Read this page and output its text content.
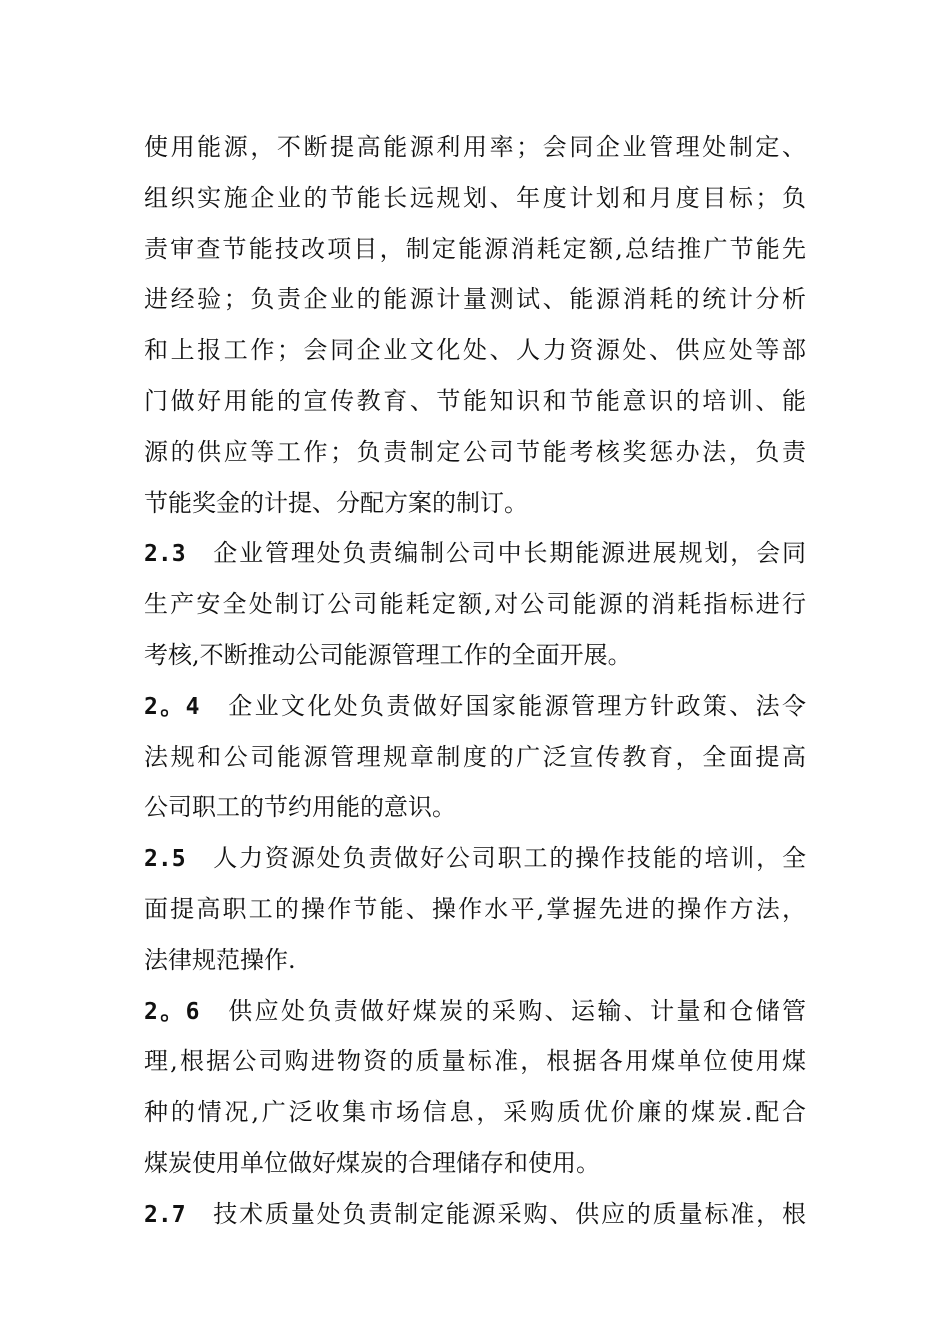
使用能源，不断提高能源利用率；会同企业管理处制定、
组织实施企业的节能长远规划、年度计划和月度目标；负
责审查节能技改项目，制定能源消耗定额,总结推广节能先
进经验；负责企业的能源计量测试、能源消耗的统计分析
和上报工作；会同企业文化处、人力资源处、供应处等部
门做好用能的宣传教育、节能知识和节能意识的培训、能
源的供应等工作；负责制定公司节能考核奖惩办法，负责
节能奖金的计提、分配方案的制订。
2.3　 企业管理处负责编制公司中长期能源进展规划，会同
生产安全处制订公司能耗定额,对公司能源的消耗指标进行
考核,不断推动公司能源管理工作的全面开展。
2。4　 企业文化处负责做好国家能源管理方针政策、法令
法规和公司能源管理规章制度的广泛宣传教育，全面提高
公司职工的节约用能的意识。
2.5　 人力资源处负责做好公司职工的操作技能的培训，全
面提高职工的操作节能、操作水平,掌握先进的操作方法，
法律规范操作.
2。6　 供应处负责做好煤炭的采购、运输、计量和仓储管
理,根据公司购进物资的质量标准，根据各用煤单位使用煤
种的情况,广泛收集市场信息，采购质优价廉的煤炭.配合
煤炭使用单位做好煤炭的合理储存和使用。
2.7　 技术质量处负责制定能源采购、供应的质量标准，根
